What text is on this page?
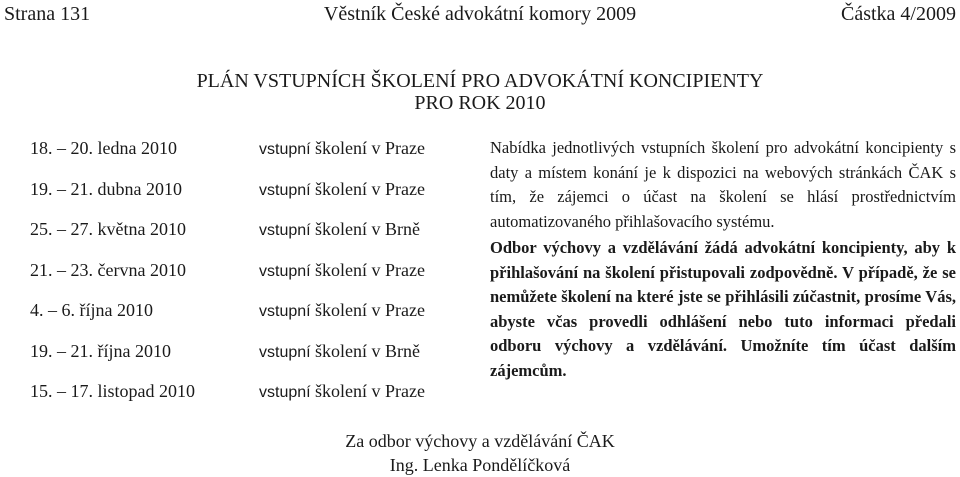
Strana 131	Věstník České advokátní komory 2009	Částka 4/2009
PLÁN VSTUPNÍCH ŠKOLENÍ PRO ADVOKÁTNÍ KONCIPIENTY
PRO ROK 2010
18. – 20. ledna 2010	vstupní školení v Praze
19. – 21. dubna 2010	vstupní školení v Praze
25. – 27. května 2010	vstupní školení v Brně
21. – 23. června 2010	vstupní školení v Praze
4. – 6. října 2010	vstupní školení v Praze
19. – 21. října 2010	vstupní školení v Brně
15. – 17. listopad 2010	vstupní školení v Praze

Nabídka jednotlivých vstupních školení pro advokátní koncipienty s daty a místem konání je k dispozici na webových stránkách ČAK s tím, že zájemci o účast na školení se hlásí prostřednictvím automatizovaného přihlašovacího systému.

Odbor výchovy a vzdělávání žádá advokátní koncipienty, aby k přihlašování na školení přistupovali zodpovědně. V případě, že se nemůžete školení na které jste se přihlásili zúčastnit, prosíme Vás, abyste včas provedli odhlášení nebo tuto informaci předali odboru výchovy a vzdělávání. Umožníte tím účast dalším zájemcům.

Za odbor výchovy a vzdělávání ČAK
Ing. Lenka Pondělíčková
